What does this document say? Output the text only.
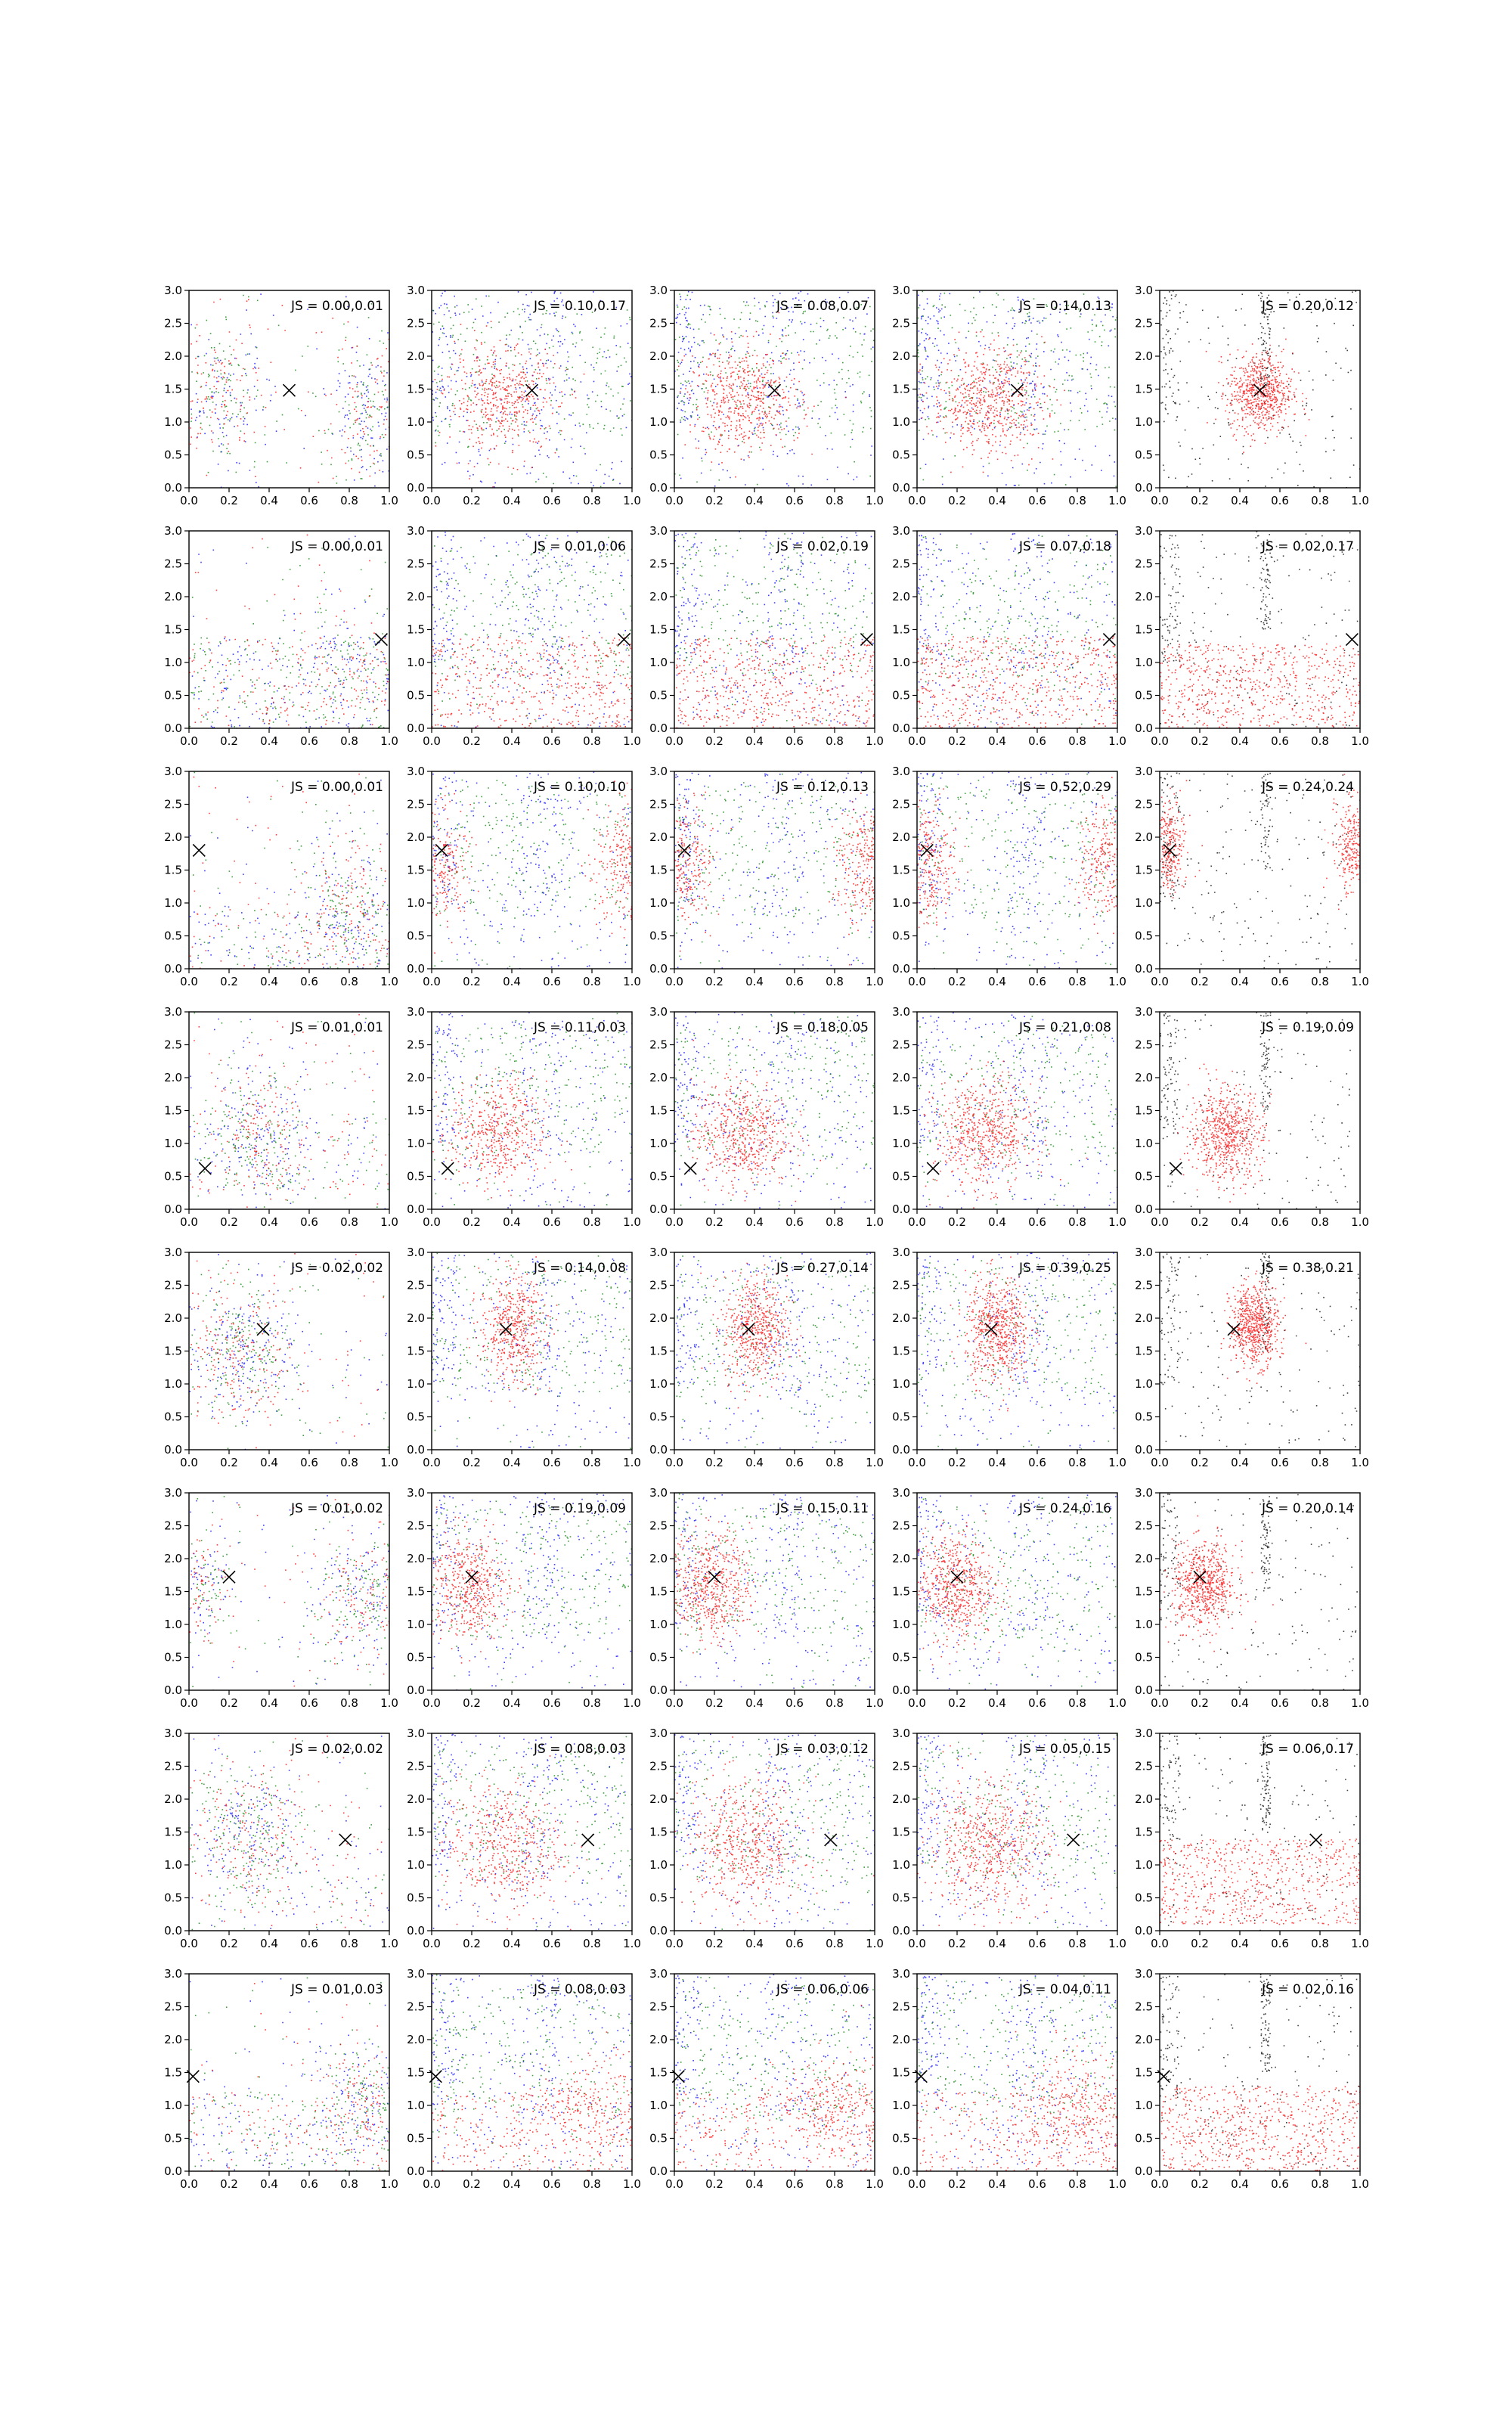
0.0 0.2 0.4 0.6 0.8 1.0
0.0
0.5
1.0
1.5
2.0
2.5
3.0
JS = 0.00,0.01
0.0 0.2 0.4 0.6 0.8 1.0
0.0
0.5
1.0
1.5
2.0
2.5
3.0
JS = 0.10,0.17
0.0 0.2 0.4 0.6 0.8 1.0
0.0
0.5
1.0
1.5
2.0
2.5
3.0
JS = 0.08,0.07
0.0 0.2 0.4 0.6 0.8 1.0
0.0
0.5
1.0
1.5
2.0
2.5
3.0
JS = 0.14,0.13
0.0 0.2 0.4 0.6 0.8 1.0
0.0
0.5
1.0
1.5
2.0
2.5
3.0
JS = 0.20,0.12
0.0 0.2 0.4 0.6 0.8 1.0
0.0
0.5
1.0
1.5
2.0
2.5
3.0
JS = 0.00,0.01
0.0 0.2 0.4 0.6 0.8 1.0
0.0
0.5
1.0
1.5
2.0
2.5
3.0
JS = 0.01,0.06
0.0 0.2 0.4 0.6 0.8 1.0
0.0
0.5
1.0
1.5
2.0
2.5
3.0
JS = 0.02,0.19
0.0 0.2 0.4 0.6 0.8 1.0
0.0
0.5
1.0
1.5
2.0
2.5
3.0
JS = 0.07,0.18
0.0 0.2 0.4 0.6 0.8 1.0
0.0
0.5
1.0
1.5
2.0
2.5
3.0
JS = 0.02,0.17
0.0 0.2 0.4 0.6 0.8 1.0
0.0
0.5
1.0
1.5
2.0
2.5
3.0
JS = 0.00,0.01
0.0 0.2 0.4 0.6 0.8 1.0
0.0
0.5
1.0
1.5
2.0
2.5
3.0
JS = 0.10,0.10
0.0 0.2 0.4 0.6 0.8 1.0
0.0
0.5
1.0
1.5
2.0
2.5
3.0
JS = 0.12,0.13
0.0 0.2 0.4 0.6 0.8 1.0
0.0
0.5
1.0
1.5
2.0
2.5
3.0
JS = 0.52,0.29
0.0 0.2 0.4 0.6 0.8 1.0
0.0
0.5
1.0
1.5
2.0
2.5
3.0
JS = 0.24,0.24
0.0 0.2 0.4 0.6 0.8 1.0
0.0
0.5
1.0
1.5
2.0
2.5
3.0
JS = 0.01,0.01
0.0 0.2 0.4 0.6 0.8 1.0
0.0
0.5
1.0
1.5
2.0
2.5
3.0
JS = 0.11,0.03
0.0 0.2 0.4 0.6 0.8 1.0
0.0
0.5
1.0
1.5
2.0
2.5
3.0
JS = 0.18,0.05
0.0 0.2 0.4 0.6 0.8 1.0
0.0
0.5
1.0
1.5
2.0
2.5
3.0
JS = 0.21,0.08
0.0 0.2 0.4 0.6 0.8 1.0
0.0
0.5
1.0
1.5
2.0
2.5
3.0
JS = 0.19,0.09
0.0 0.2 0.4 0.6 0.8 1.0
0.0
0.5
1.0
1.5
2.0
2.5
3.0
JS = 0.02,0.02
0.0 0.2 0.4 0.6 0.8 1.0
0.0
0.5
1.0
1.5
2.0
2.5
3.0
JS = 0.14,0.08
0.0 0.2 0.4 0.6 0.8 1.0
0.0
0.5
1.0
1.5
2.0
2.5
3.0
JS = 0.27,0.14
0.0 0.2 0.4 0.6 0.8 1.0
0.0
0.5
1.0
1.5
2.0
2.5
3.0
JS = 0.39,0.25
0.0 0.2 0.4 0.6 0.8 1.0
0.0
0.5
1.0
1.5
2.0
2.5
3.0
JS = 0.38,0.21
0.0 0.2 0.4 0.6 0.8 1.0
0.0
0.5
1.0
1.5
2.0
2.5
3.0
JS = 0.01,0.02
0.0 0.2 0.4 0.6 0.8 1.0
0.0
0.5
1.0
1.5
2.0
2.5
3.0
JS = 0.19,0.09
0.0 0.2 0.4 0.6 0.8 1.0
0.0
0.5
1.0
1.5
2.0
2.5
3.0
JS = 0.15,0.11
0.0 0.2 0.4 0.6 0.8 1.0
0.0
0.5
1.0
1.5
2.0
2.5
3.0
JS = 0.24,0.16
0.0 0.2 0.4 0.6 0.8 1.0
0.0
0.5
1.0
1.5
2.0
2.5
3.0
JS = 0.20,0.14
0.0 0.2 0.4 0.6 0.8 1.0
0.0
0.5
1.0
1.5
2.0
2.5
3.0
JS = 0.02,0.02
0.0 0.2 0.4 0.6 0.8 1.0
0.0
0.5
1.0
1.5
2.0
2.5
3.0
JS = 0.08,0.03
0.0 0.2 0.4 0.6 0.8 1.0
0.0
0.5
1.0
1.5
2.0
2.5
3.0
JS = 0.03,0.12
0.0 0.2 0.4 0.6 0.8 1.0
0.0
0.5
1.0
1.5
2.0
2.5
3.0
JS = 0.05,0.15
0.0 0.2 0.4 0.6 0.8 1.0
0.0
0.5
1.0
1.5
2.0
2.5
3.0
JS = 0.06,0.17
0.0 0.2 0.4 0.6 0.8 1.0
0.0
0.5
1.0
1.5
2.0
2.5
3.0
JS = 0.01,0.03
0.0 0.2 0.4 0.6 0.8 1.0
0.0
0.5
1.0
1.5
2.0
2.5
3.0
JS = 0.08,0.03
0.0 0.2 0.4 0.6 0.8 1.0
0.0
0.5
1.0
1.5
2.0
2.5
3.0
JS = 0.06,0.06
0.0 0.2 0.4 0.6 0.8 1.0
0.0
0.5
1.0
1.5
2.0
2.5
3.0
JS = 0.04,0.11
0.0 0.2 0.4 0.6 0.8 1.0
0.0
0.5
1.0
1.5
2.0
2.5
3.0
JS = 0.02,0.16
